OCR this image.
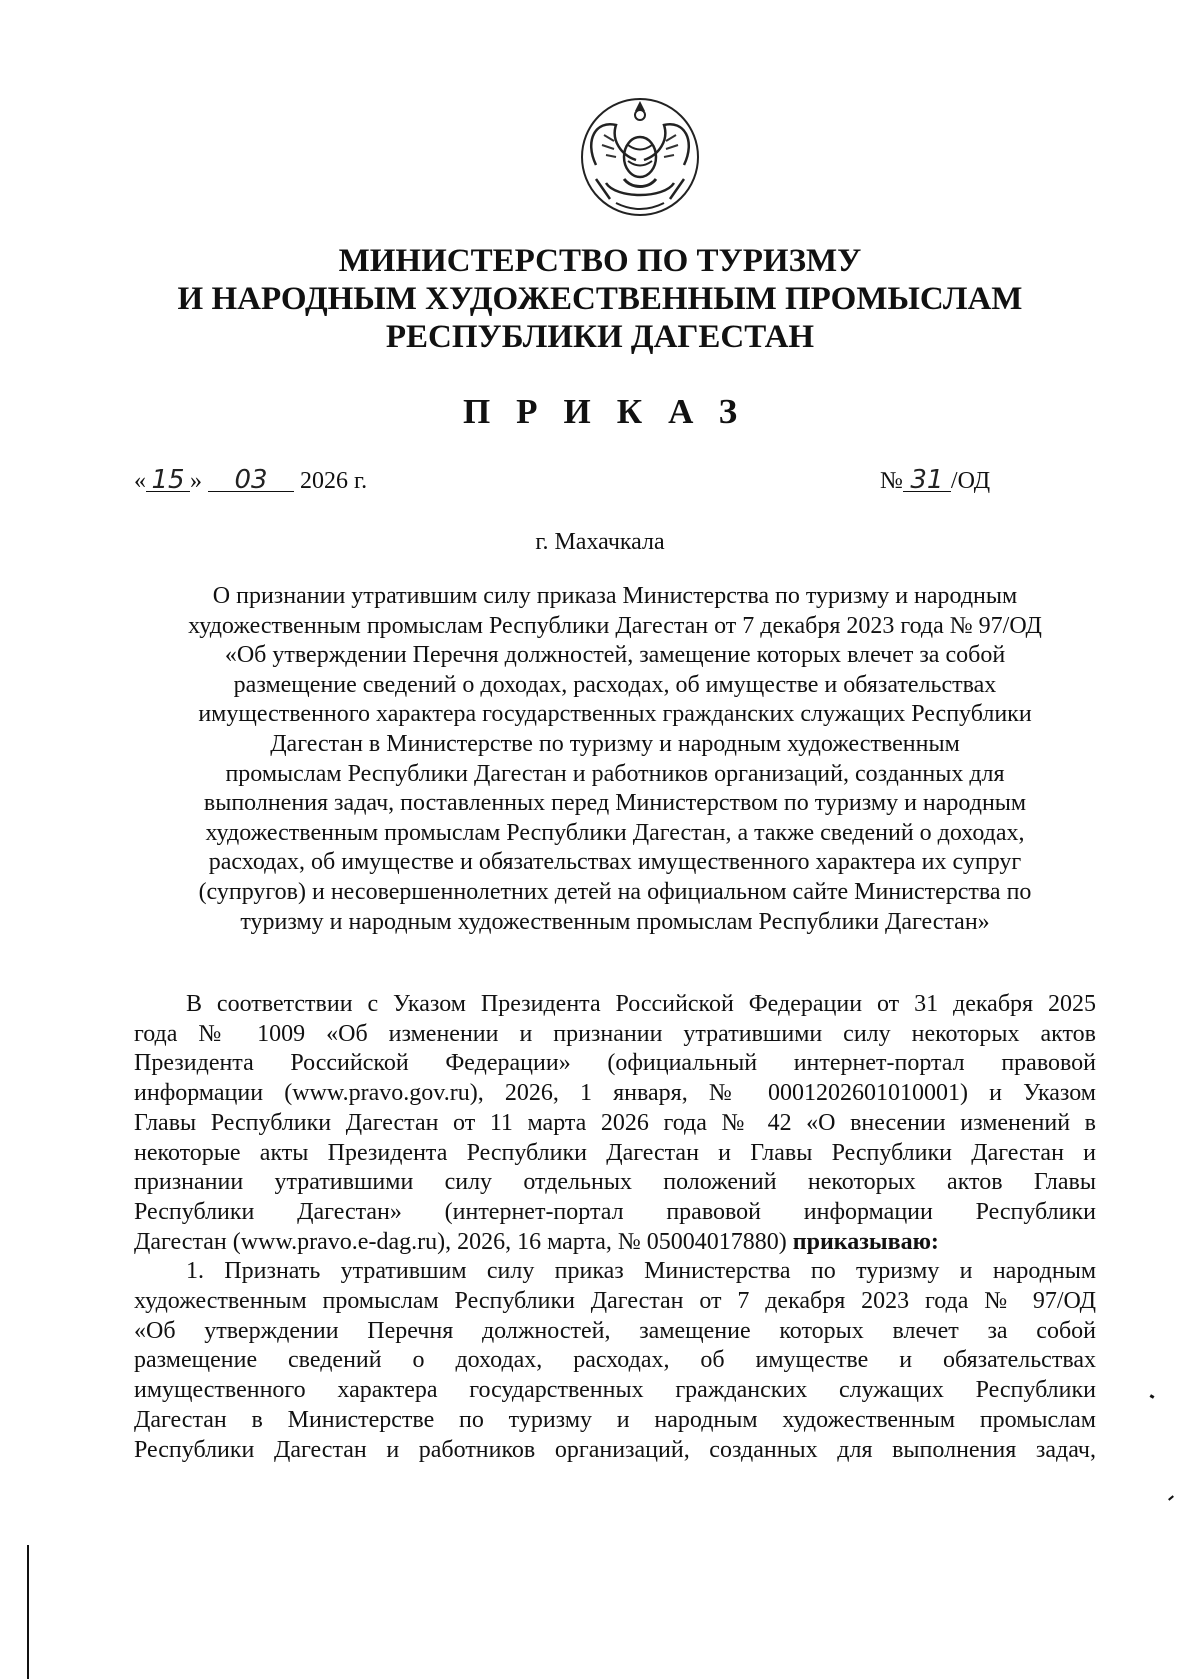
МИНИСТЕРСТВО ПО ТУРИЗМУ
И НАРОДНЫМ ХУДОЖЕСТВЕННЫМ ПРОМЫСЛАМ
РЕСПУБЛИКИ ДАГЕСТАН
ПРИКАЗ
« 15 » 03 2026 г.	№ 31 /ОД
г. Махачкала
О признании утратившим силу приказа Министерства по туризму и народным
художественным промыслам Республики Дагестан от 7 декабря 2023 года № 97/ОД
«Об утверждении Перечня должностей, замещение которых влечет за собой
размещение сведений о доходах, расходах, об имуществе и обязательствах
имущественного характера государственных гражданских служащих Республики
Дагестан в Министерстве по туризму и народным художественным
промыслам Республики Дагестан и работников организаций, созданных для
выполнения задач, поставленных перед Министерством по туризму и народным
художественным промыслам Республики Дагестан, а также сведений о доходах,
расходах, об имуществе и обязательствах имущественного характера их супруг
(супругов) и несовершеннолетних детей на официальном сайте Министерства по
туризму и народным художественным промыслам Республики Дагестан»
В соответствии с Указом Президента Российской Федерации от 31 декабря 2025
года № 1009 «Об изменении и признании утратившими силу некоторых актов
Президента Российской Федерации» (официальный интернет-портал правовой
информации (www.pravo.gov.ru), 2026, 1 января, № 0001202601010001) и Указом
Главы Республики Дагестан от 11 марта 2026 года № 42 «О внесении изменений в
некоторые акты Президента Республики Дагестан и Главы Республики Дагестан и
признании утратившими силу отдельных положений некоторых актов Главы
Республики Дагестан» (интернет-портал правовой информации Республики
Дагестан (www.pravo.e-dag.ru), 2026, 16 марта, № 05004017880) приказываю:
1. Признать утратившим силу приказ Министерства по туризму и народным
художественным промыслам Республики Дагестан от 7 декабря 2023 года № 97/ОД
«Об утверждении Перечня должностей, замещение которых влечет за собой
размещение сведений о доходах, расходах, об имуществе и обязательствах
имущественного характера государственных гражданских служащих Республики
Дагестан в Министерстве по туризму и народным художественным промыслам
Республики Дагестан и работников организаций, созданных для выполнения задач,
